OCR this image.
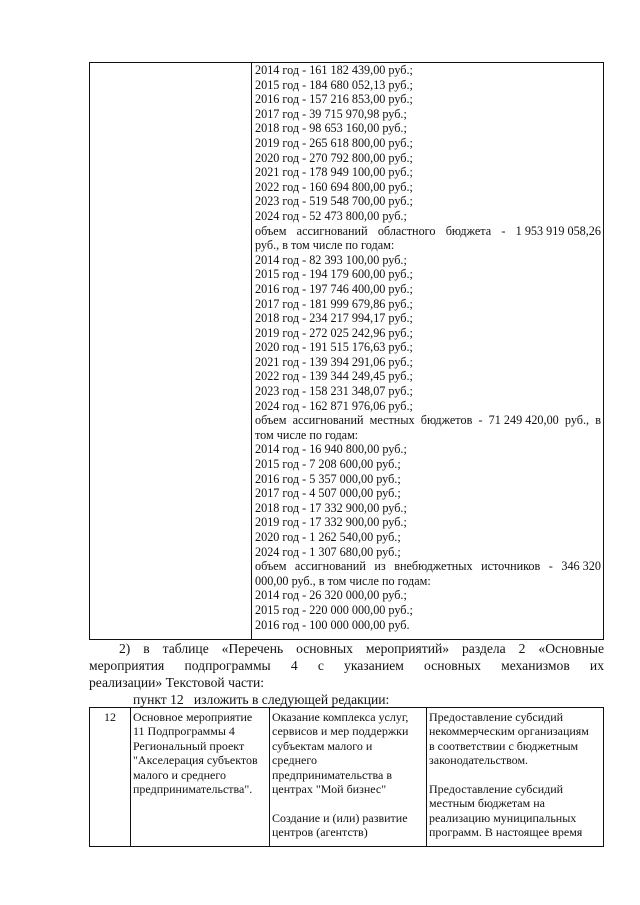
2014 год - 161 182 439,00 руб.;
2015 год - 184 680 052,13 руб.;
2016 год - 157 216 853,00 руб.;
2017 год - 39 715 970,98 руб.;
2018 год - 98 653 160,00 руб.;
2019 год - 265 618 800,00 руб.;
2020 год - 270 792 800,00 руб.;
2021 год - 178 949 100,00 руб.;
2022 год - 160 694 800,00 руб.;
2023 год - 519 548 700,00 руб.;
2024 год - 52 473 800,00 руб.;
объем ассигнований областного бюджета - 1 953 919 058,26
руб., в том числе по годам:
2014 год - 82 393 100,00 руб.;
2015 год - 194 179 600,00 руб.;
2016 год - 197 746 400,00 руб.;
2017 год - 181 999 679,86 руб.;
2018 год - 234 217 994,17 руб.;
2019 год - 272 025 242,96 руб.;
2020 год - 191 515 176,63 руб.;
2021 год - 139 394 291,06 руб.;
2022 год - 139 344 249,45 руб.;
2023 год - 158 231 348,07 руб.;
2024 год - 162 871 976,06 руб.;
объем ассигнований местных бюджетов - 71 249 420,00 руб., в
том числе по годам:
2014 год - 16 940 800,00 руб.;
2015 год - 7 208 600,00 руб.;
2016 год - 5 357 000,00 руб.;
2017 год - 4 507 000,00 руб.;
2018 год - 17 332 900,00 руб.;
2019 год - 17 332 900,00 руб.;
2020 год - 1 262 540,00 руб.;
2024 год - 1 307 680,00 руб.;
объем ассигнований из внебюджетных источников - 346 320
000,00 руб., в том числе по годам:
2014 год - 26 320 000,00 руб.;
2015 год - 220 000 000,00 руб.;
2016 год - 100 000 000,00 руб.
2) в таблице «Перечень основных мероприятий» раздела 2 «Основные
мероприятия подпрограммы 4 с указанием основных механизмов их
реализации» Текстовой части:
пункт 12   изложить в следующей редакции:
12	Основное мероприятие
11 Подпрограммы 4
Региональный проект
"Акселерация субъектов
малого и среднего
предпринимательства".
Оказание комплекса услуг,
сервисов и мер поддержки
субъектам малого и
среднего
предпринимательства в
центрах "Мой бизнес"
Создание и (или) развитие
центров (агентств)
Предоставление субсидий
некоммерческим организациям
в соответствии с бюджетным
законодательством.
Предоставление субсидий
местным бюджетам на
реализацию муниципальных
программ. В настоящее время
